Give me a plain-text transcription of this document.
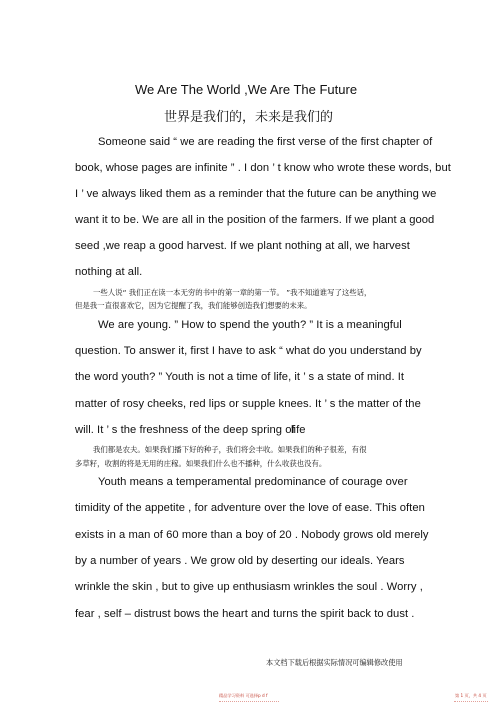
We Are The World ,We Are The Future
世界是我们的，未来是我们的
Someone said “ we are reading the first verse of the first chapter of
book, whose pages are infinite ” . I don ’ t know who wrote these words, but
I ’ ve always liked them as a reminder that the future can be anything we
want it to be. We are all in the position of the farmers. If we plant a good
seed ,we reap a good harvest. If we plant nothing at all, we harvest
nothing at all.
一些人说“ 我们正在读一本无穷的书中的第一章的第一节。 ”我不知道谁写了这些话，
但是我一直很喜欢它，因为它提醒了我，我们能够创造我们想要的未来。
We are young. ” How to spend the youth? ” It is a meaningful
question. To answer it, first I have to ask “ what do you understand by
the word youth? ” Youth is not a time of life, it ’ s a state of mind. It
matter of rosy cheeks, red lips or supple knees. It ’ s the matter of the
will. It ’ s the freshness of the deep spring of
life
我们都是农夫。如果我们播下好的种子，我们将会丰收。如果我们的种子很差，有很
多草籽，收割的将是无用的庄稼。如果我们什么也不播种，什么收获也没有。
Youth means a temperamental predominance of courage over
timidity of the appetite , for adventure over the love of ease. This often
exists in a man of 60 more than a boy of 20 . Nobody grows old merely
by a number of years . We grow old by deserting our ideals. Years
wrinkle the skin , but to give up enthusiasm wrinkles the soul . Worry ,
fear , self – distrust bows the heart and turns the spirit back to dust .
本文档下载后根据实际情况可编辑修改使用
精品学习资料 可选择p d f	第 1 页，共 4 页
